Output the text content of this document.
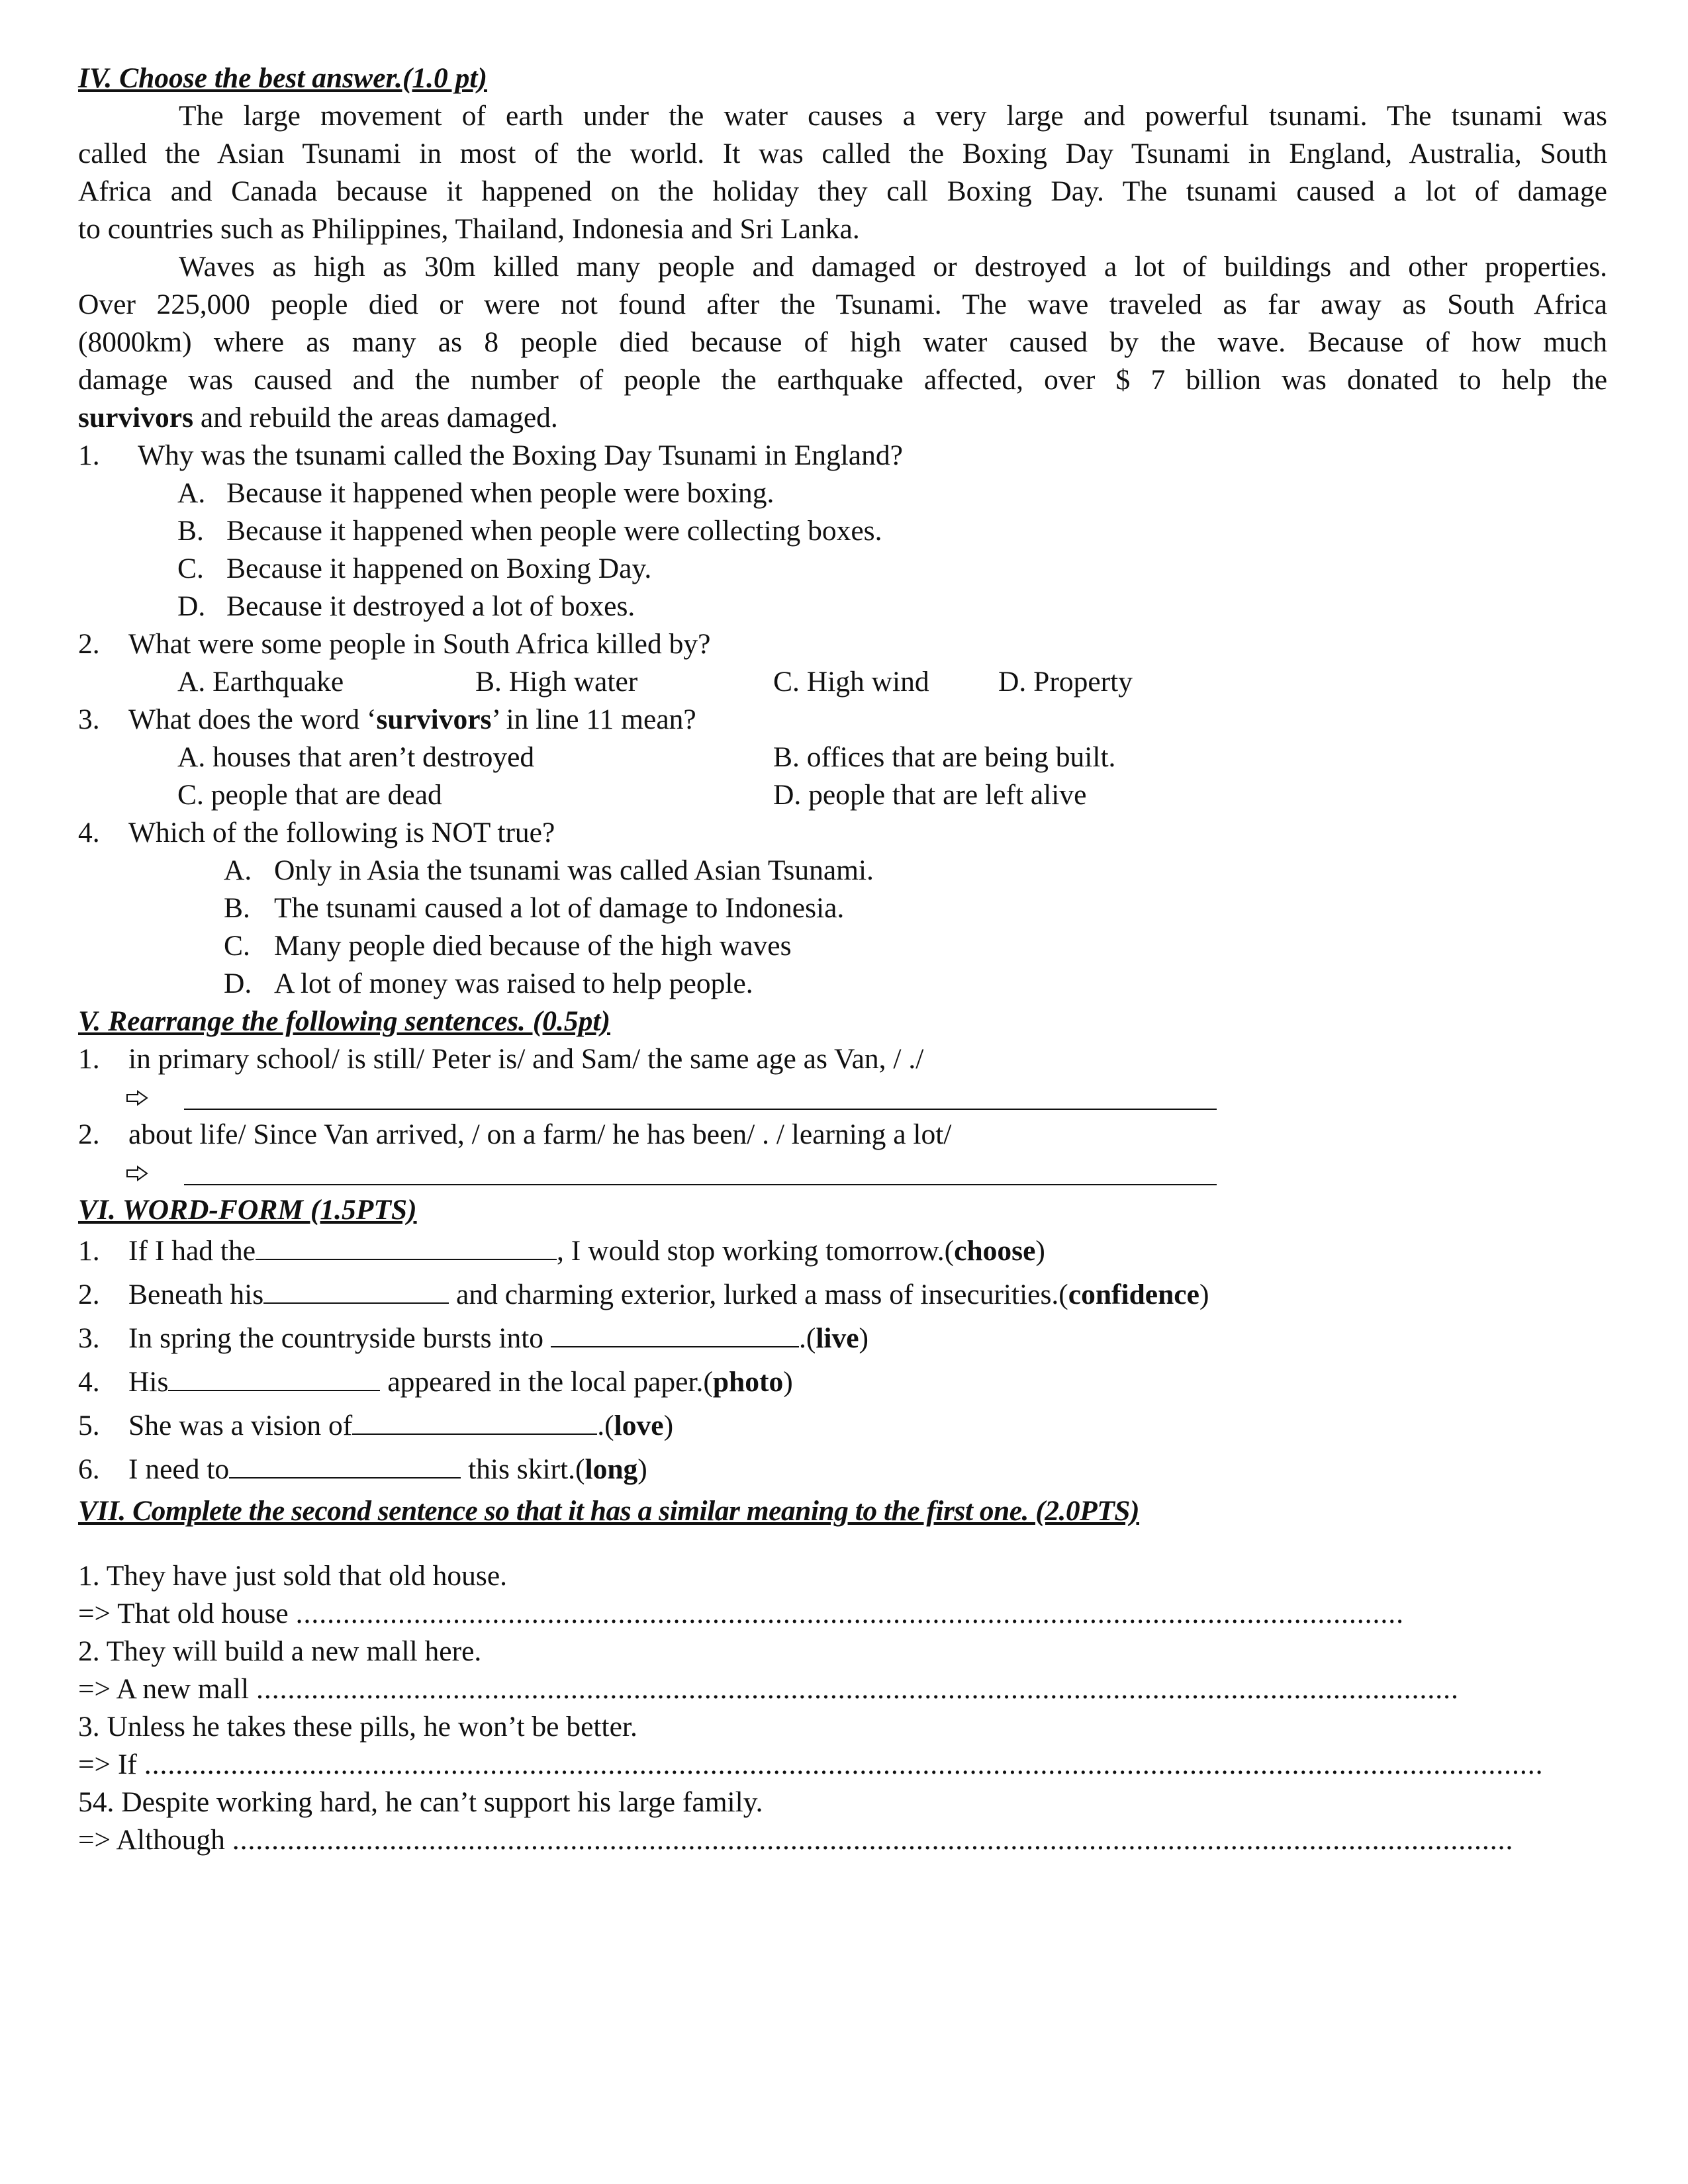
IV. Choose the best answer.(1.0 pt)
The large movement of earth under the water causes a very large and powerful tsunami. The tsunami was
called the Asian Tsunami in most of the world. It was called the Boxing Day Tsunami in England, Australia, South
Africa and Canada because it happened on the holiday they call Boxing Day. The tsunami caused a lot of damage
to countries such as Philippines, Thailand, Indonesia and Sri Lanka.
Waves as high as 30m killed many people and damaged or destroyed a lot of buildings and other properties.
Over 225,000 people died or were not found after the Tsunami. The wave traveled as far away as South Africa
(8000km) where as many as 8 people died because of high water caused by the wave. Because of how much
damage was caused and the number of people the earthquake affected, over $ 7 billion was donated to help the
survivors and rebuild the areas damaged.
1. Why was the tsunami called the Boxing Day Tsunami in England?
A. Because it happened when people were boxing.
B. Because it happened when people were collecting boxes.
C. Because it happened on Boxing Day.
D. Because it destroyed a lot of boxes.
2. What were some people in South Africa killed by?
A. Earthquake	B. High water	C. High wind D. Property
3. What does the word ‘survivors’ in line 11 mean?
A. houses that aren’t destroyed	B. offices that are being built.
C. people that are dead	D. people that are left alive
4. Which of the following is NOT true?
A. Only in Asia the tsunami was called Asian Tsunami.
B. The tsunami caused a lot of damage to Indonesia.
C. Many people died because of the high waves
D. A lot of money was raised to help people.
V. Rearrange the following sentences. (0.5pt)
1. in primary school/ is still/ Peter is/ and Sam/ the same age as Van, / ./
2. about life/ Since Van arrived, / on a farm/ he has been/ . / learning a lot/
VI. WORD-FORM (1.5PTS)
1. If I had the	, I would stop working tomorrow.(choose)
2. Beneath his	and charming exterior, lurked a mass of insecurities.(confidence)
3. In spring the countryside bursts into	.(live)
4. His	appeared in the local paper.(photo)
5. She was a vision of	.(love)
6. I need to	this skirt.(long)
VII. Complete the second sentence so that it has a similar meaning to the first one. (2.0PTS)
1. They have just sold that old house.
=> That old house .............................................................................................................................................
2. They will build a new mall here.
=> A new mall .........................................................................................................................................................
3. Unless he takes these pills, he won’t be better.
=> If ..................................................................................................................................................................................
54. Despite working hard, he can’t support his large family.
=> Although ...................................................................................................................................................................
